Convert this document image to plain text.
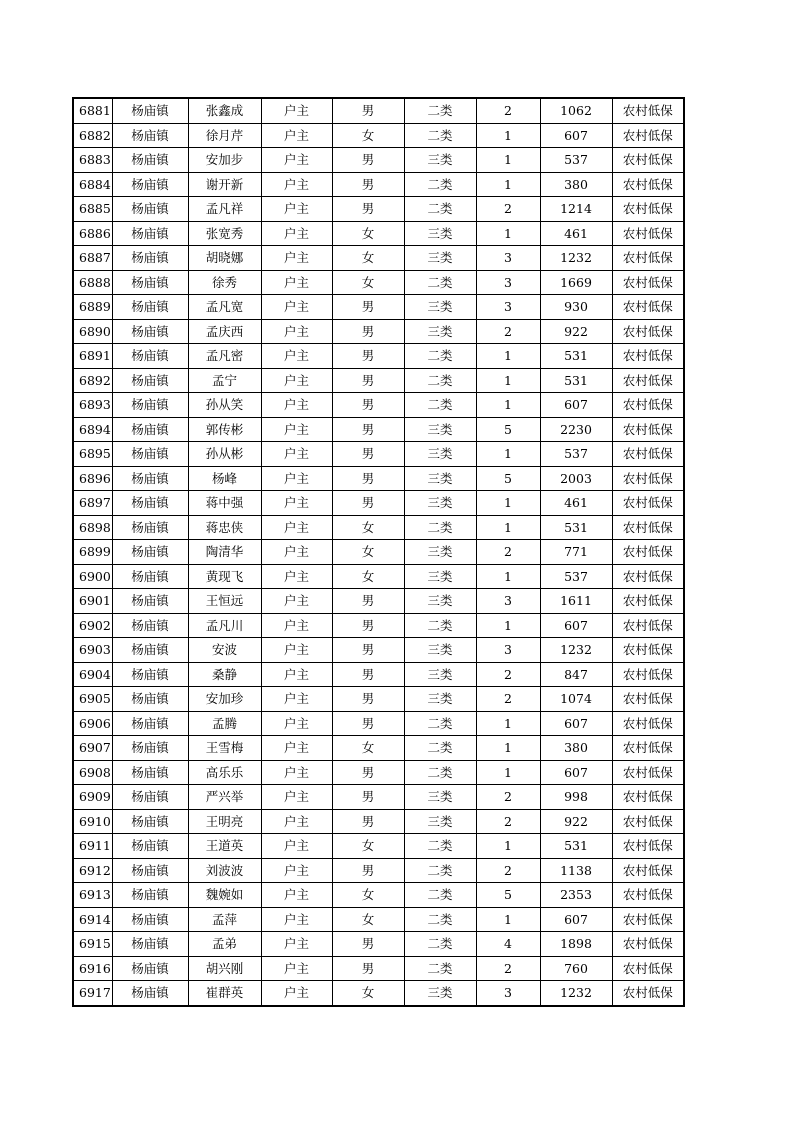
6881	杨庙镇	张鑫成	户主	男	二类	2	1062	农村低保
6882	杨庙镇	徐月芹	户主	女	二类	1	607	农村低保
6883	杨庙镇	安加步	户主	男	三类	1	537	农村低保
6884	杨庙镇	谢开新	户主	男	二类	1	380	农村低保
6885	杨庙镇	孟凡祥	户主	男	二类	2	1214	农村低保
6886	杨庙镇	张宽秀	户主	女	三类	1	461	农村低保
6887	杨庙镇	胡晓娜	户主	女	三类	3	1232	农村低保
6888	杨庙镇	徐秀	户主	女	二类	3	1669	农村低保
6889	杨庙镇	孟凡宽	户主	男	三类	3	930	农村低保
6890	杨庙镇	孟庆西	户主	男	三类	2	922	农村低保
6891	杨庙镇	孟凡密	户主	男	二类	1	531	农村低保
6892	杨庙镇	孟宁	户主	男	二类	1	531	农村低保
6893	杨庙镇	孙从笑	户主	男	二类	1	607	农村低保
6894	杨庙镇	郭传彬	户主	男	三类	5	2230	农村低保
6895	杨庙镇	孙从彬	户主	男	三类	1	537	农村低保
6896	杨庙镇	杨峰	户主	男	三类	5	2003	农村低保
6897	杨庙镇	蒋中强	户主	男	三类	1	461	农村低保
6898	杨庙镇	蒋忠侠	户主	女	二类	1	531	农村低保
6899	杨庙镇	陶清华	户主	女	三类	2	771	农村低保
6900	杨庙镇	黄现飞	户主	女	三类	1	537	农村低保
6901	杨庙镇	王恒远	户主	男	三类	3	1611	农村低保
6902	杨庙镇	孟凡川	户主	男	二类	1	607	农村低保
6903	杨庙镇	安波	户主	男	三类	3	1232	农村低保
6904	杨庙镇	桑静	户主	男	三类	2	847	农村低保
6905	杨庙镇	安加珍	户主	男	三类	2	1074	农村低保
6906	杨庙镇	孟腾	户主	男	二类	1	607	农村低保
6907	杨庙镇	王雪梅	户主	女	二类	1	380	农村低保
6908	杨庙镇	高乐乐	户主	男	二类	1	607	农村低保
6909	杨庙镇	严兴举	户主	男	三类	2	998	农村低保
6910	杨庙镇	王明亮	户主	男	三类	2	922	农村低保
6911	杨庙镇	王道英	户主	女	二类	1	531	农村低保
6912	杨庙镇	刘波波	户主	男	二类	2	1138	农村低保
6913	杨庙镇	魏婉如	户主	女	二类	5	2353	农村低保
6914	杨庙镇	孟萍	户主	女	二类	1	607	农村低保
6915	杨庙镇	孟弟	户主	男	二类	4	1898	农村低保
6916	杨庙镇	胡兴刚	户主	男	二类	2	760	农村低保
6917	杨庙镇	崔群英	户主	女	三类	3	1232	农村低保
